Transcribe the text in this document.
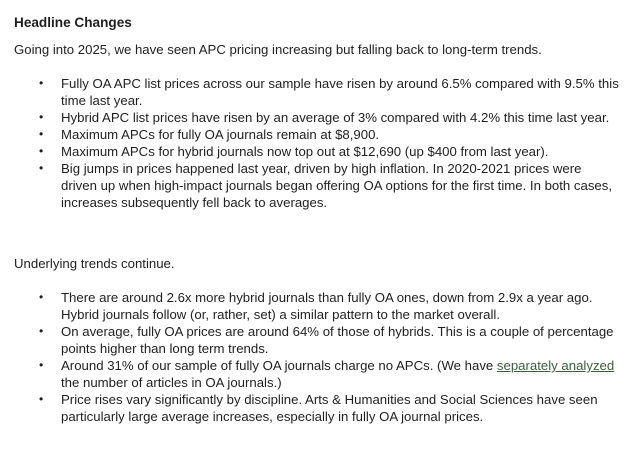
Headline Changes

Going into 2025, we have seen APC pricing increasing but falling back to long-term trends.

• Fully OA APC list prices across our sample have risen by around 6.5% compared with 9.5% this time last year.
• Hybrid APC list prices have risen by an average of 3% compared with 4.2% this time last year.
• Maximum APCs for fully OA journals remain at $8,900.
• Maximum APCs for hybrid journals now top out at $12,690 (up $400 from last year).
• Big jumps in prices happened last year, driven by high inflation. In 2020-2021 prices were driven up when high-impact journals began offering OA options for the first time. In both cases, increases subsequently fell back to averages.

Underlying trends continue.

• There are around 2.6x more hybrid journals than fully OA ones, down from 2.9x a year ago. Hybrid journals follow (or, rather, set) a similar pattern to the market overall.
• On average, fully OA prices are around 64% of those of hybrids. This is a couple of percentage points higher than long term trends.
• Around 31% of our sample of fully OA journals charge no APCs. (We have separately analyzed the number of articles in OA journals.)
• Price rises vary significantly by discipline. Arts & Humanities and Social Sciences have seen particularly large average increases, especially in fully OA journal prices.
